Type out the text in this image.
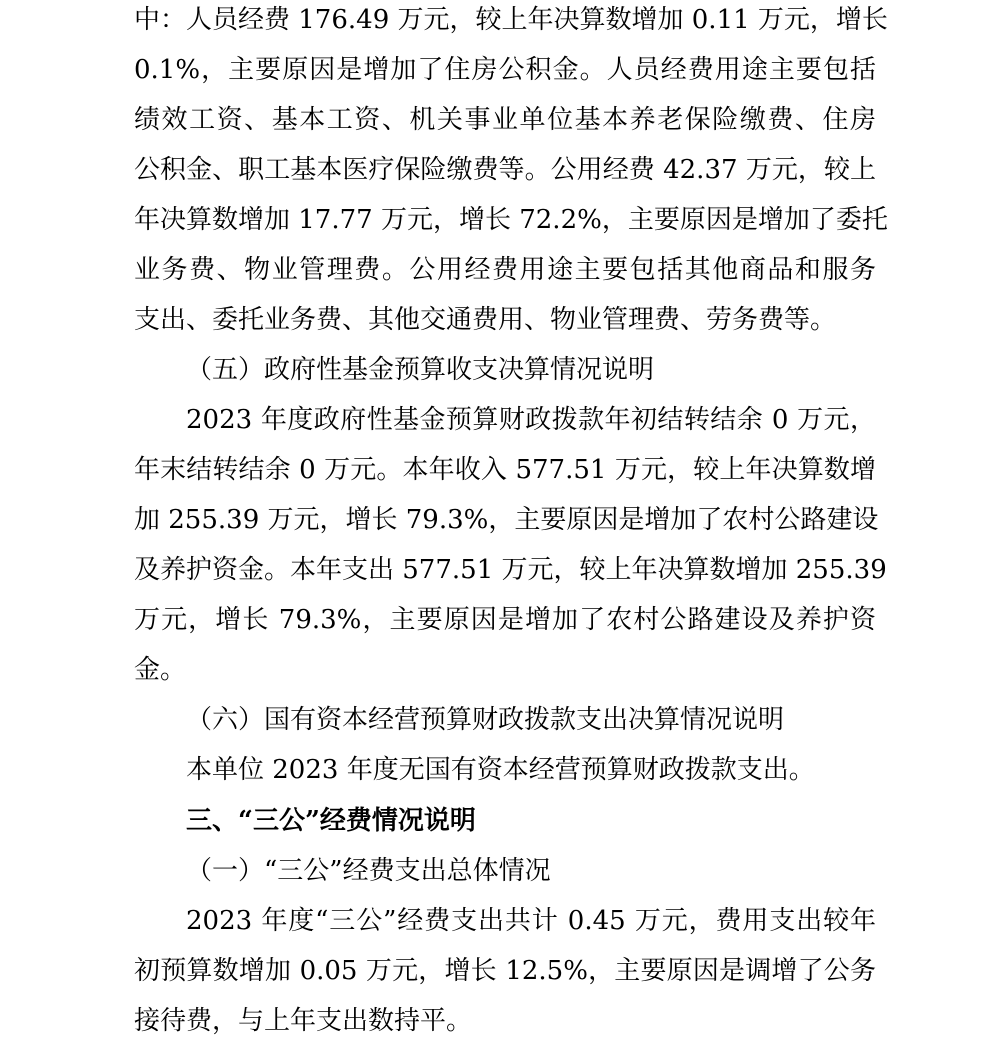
中：人员经费 176.49 万元，较上年决算数增加 0.11 万元，增长
0.1%，主要原因是增加了住房公积金。人员经费用途主要包括
绩效工资、基本工资、机关事业单位基本养老保险缴费、住房
公积金、职工基本医疗保险缴费等。公用经费 42.37 万元，较上
年决算数增加 17.77 万元，增长 72.2%，主要原因是增加了委托
业务费、物业管理费。公用经费用途主要包括其他商品和服务
支出、委托业务费、其他交通费用、物业管理费、劳务费等。
（五）政府性基金预算收支决算情况说明
2023 年度政府性基金预算财政拨款年初结转结余 0 万元，
年末结转结余 0 万元。本年收入 577.51 万元，较上年决算数增
加 255.39 万元，增长 79.3%，主要原因是增加了农村公路建设
及养护资金。本年支出 577.51 万元，较上年决算数增加 255.39
万元，增长 79.3%，主要原因是增加了农村公路建设及养护资
金。
（六）国有资本经营预算财政拨款支出决算情况说明
本单位 2023 年度无国有资本经营预算财政拨款支出。
三、“三公”经费情况说明
（一）“三公”经费支出总体情况
2023 年度“三公”经费支出共计 0.45 万元，费用支出较年
初预算数增加 0.05 万元，增长 12.5%，主要原因是调增了公务
接待费，与上年支出数持平。
